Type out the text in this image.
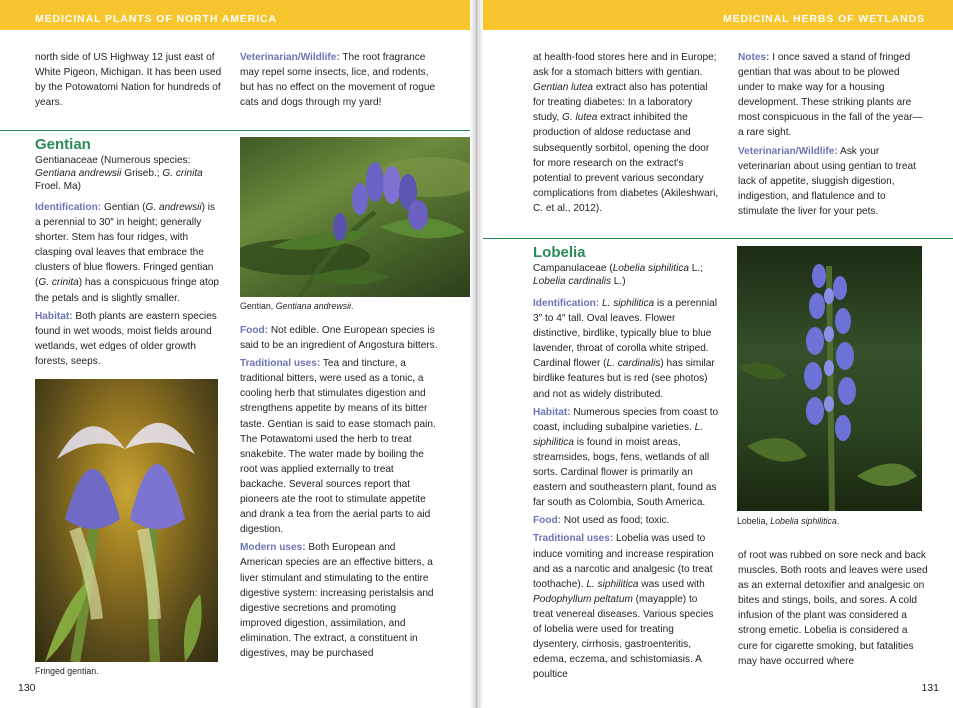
MEDICINAL PLANTS OF NORTH AMERICA

north side of US Highway 12 just east of White Pigeon, Michigan. It has been used by the Potowatomi Nation for hundreds of years.

Veterinarian/Wildlife: The root fragrance may repel some insects, lice, and rodents, but has no effect on the movement of rogue cats and dogs through my yard!

Gentian
Gentianaceae (Numerous species: Gentiana andrewsii Griseb.; G. crinita Froel. Ma)

Identification: Gentian (G. andrewsii) is a perennial to 30″ in height; generally shorter. Stem has four ridges, with clasping oval leaves that embrace the clusters of blue flowers. Fringed gentian (G. crinita) has a conspicuous fringe atop the petals and is slightly smaller.

Habitat: Both plants are eastern species found in wet woods, moist fields around wetlands, wet edges of older growth forests, seeps.

Gentian, Gentiana andrewsii.

Food: Not edible. One European species is said to be an ingredient of Angostura bitters.

Traditional uses: Tea and tincture, a traditional bitters, were used as a tonic, a cooling herb that stimulates digestion and strengthens appetite by means of its bitter taste. Gentian is said to ease stomach pain. The Potawatomi used the herb to treat snakebite. The water made by boiling the root was applied externally to treat backache. Several sources report that pioneers ate the root to stimulate appetite and drank a tea from the aerial parts to aid digestion.

Modern uses: Both European and American species are an effective bitters, a liver stimulant and stimulating to the entire digestive system: increasing peristalsis and digestive secretions and promoting improved digestion, assimilation, and elimination. The extract, a constituent in digestives, may be purchased

Fringed gentian.
130
MEDICINAL HERBS OF WETLANDS

at health-food stores here and in Europe; ask for a stomach bitters with gentian. Gentian lutea extract also has potential for treating diabetes: In a laboratory study, G. lutea extract inhibited the production of aldose reductase and subsequently sorbitol, opening the door for more research on the extract's potential to prevent various secondary complications from diabetes (Akileshwari, C. et al., 2012).

Notes: I once saved a stand of fringed gentian that was about to be plowed under to make way for a housing development. These striking plants are most conspicuous in the fall of the year—a rare sight.

Veterinarian/Wildlife: Ask your veterinarian about using gentian to treat lack of appetite, sluggish digestion, indigestion, and flatulence and to stimulate the liver for your pets.

Lobelia
Campanulaceae (Lobelia siphilitica L.; Lobelia cardinalis L.)

Identification: L. siphilitica is a perennial 3″ to 4″ tall. Oval leaves. Flower distinctive, birdlike, typically blue to blue lavender, throat of corolla white striped. Cardinal flower (L. cardinalis) has similar birdlike features but is red (see photos) and not as widely distributed.

Habitat: Numerous species from coast to coast, including subalpine varieties. L. siphilitica is found in moist areas, streamsides, bogs, fens, wetlands of all sorts. Cardinal flower is primarily an eastern and southeastern plant, found as far south as Colombia, South America.

Food: Not used as food; toxic.

Traditional uses: Lobelia was used to induce vomiting and increase respiration and as a narcotic and analgesic (to treat toothache). L. siphilitica was used with Podophyllum peltatum (mayapple) to treat venereal diseases. Various species of lobelia were used for treating dysentery, cirrhosis, gastroenteritis, edema, eczema, and schistomiasis. A poultice

Lobelia, Lobelia siphilitica.

of root was rubbed on sore neck and back muscles. Both roots and leaves were used as an external detoxifier and analgesic on bites and stings, boils, and sores. A cold infusion of the plant was considered a strong emetic. Lobelia is considered a cure for cigarette smoking, but fatalities may have occurred where

131
